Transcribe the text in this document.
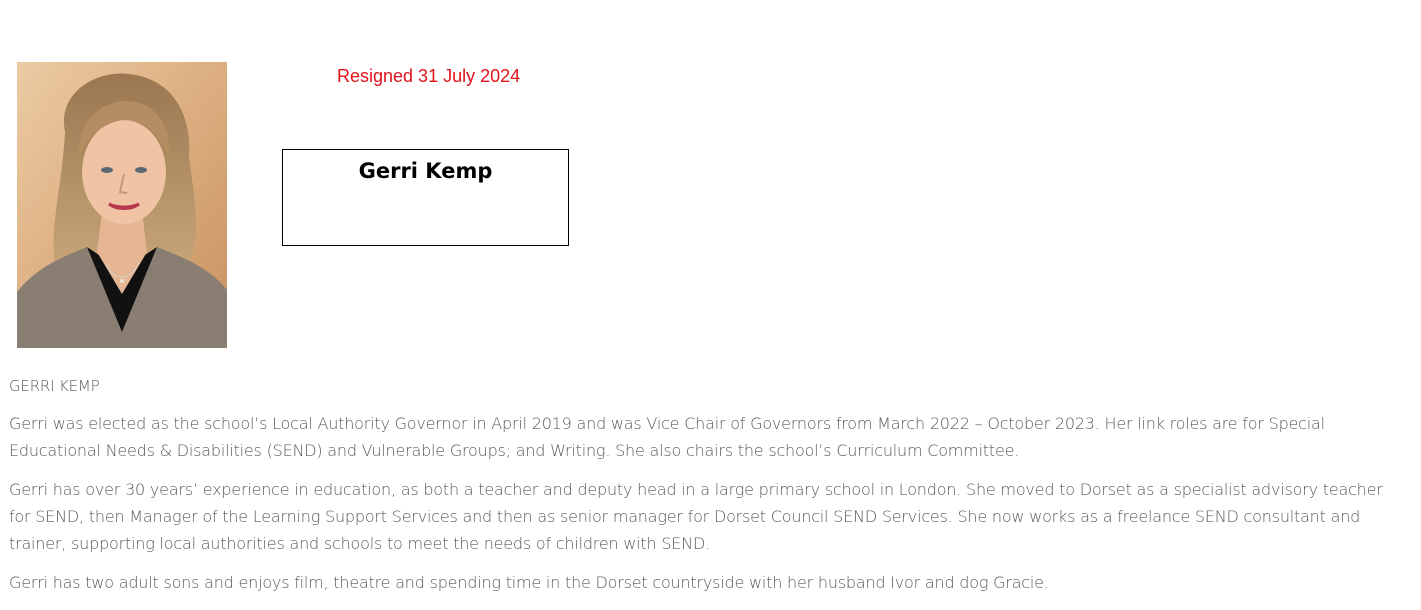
Resigned 31 July 2024
Gerri Kemp

GERRI KEMP

Gerri was elected as the school’s Local Authority Governor in April 2019 and was Vice Chair of Governors from March 2022 – October 2023. Her link roles are for Special Educational Needs & Disabilities (SEND) and Vulnerable Groups; and Writing. She also chairs the school’s Curriculum Committee.

Gerri has over 30 years’ experience in education, as both a teacher and deputy head in a large primary school in London. She moved to Dorset as a specialist advisory teacher for SEND, then Manager of the Learning Support Services and then as senior manager for Dorset Council SEND Services. She now works as a freelance SEND consultant and trainer, supporting local authorities and schools to meet the needs of children with SEND.

Gerri has two adult sons and enjoys film, theatre and spending time in the Dorset countryside with her husband Ivor and dog Gracie.
